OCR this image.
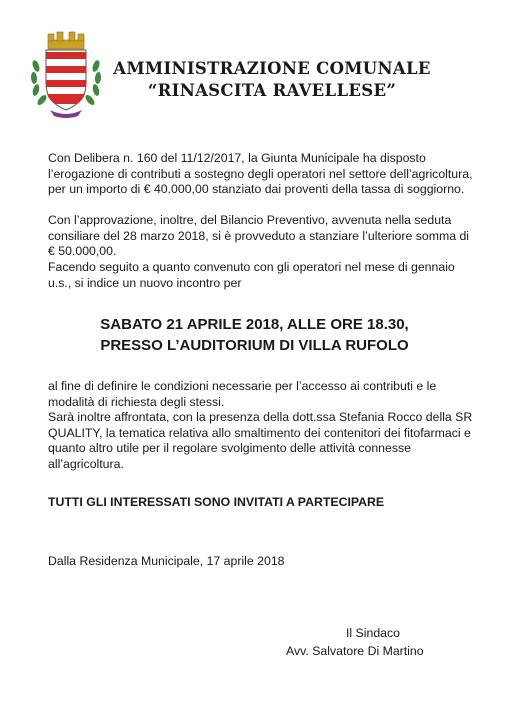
AMMINISTRAZIONE COMUNALE
“RINASCITA RAVELLESE”
Con Delibera n. 160 del 11/12/2017, la Giunta Municipale ha disposto l’erogazione di contributi a sostegno degli operatori nel settore dell’agricoltura, per un importo di € 40.000,00 stanziato dai proventi della tassa di soggiorno.
Con l’approvazione, inoltre, del Bilancio Preventivo, avvenuta nella seduta consiliare del 28 marzo 2018, si è provveduto a stanziare l’ulteriore somma di € 50.000,00.
Facendo seguito a quanto convenuto con gli operatori nel mese di gennaio u.s., si indice un nuovo incontro per
SABATO 21 APRILE 2018, ALLE ORE 18.30,
PRESSO L’AUDITORIUM DI VILLA RUFOLO
al fine di definire le condizioni necessarie per l’accesso ai contributi e le modalità di richiesta degli stessi.
Sarà inoltre affrontata, con la presenza della dott.ssa Stefania Rocco della SR QUALITY, la tematica relativa allo smaltimento dei contenitori dei fitofarmaci e quanto altro utile per il regolare svolgimento delle attività connesse all’agricoltura.
TUTTI GLI INTERESSATI SONO INVITATI A PARTECIPARE
Dalla Residenza Municipale, 17 aprile 2018
Il Sindaco
Avv. Salvatore Di Martino
